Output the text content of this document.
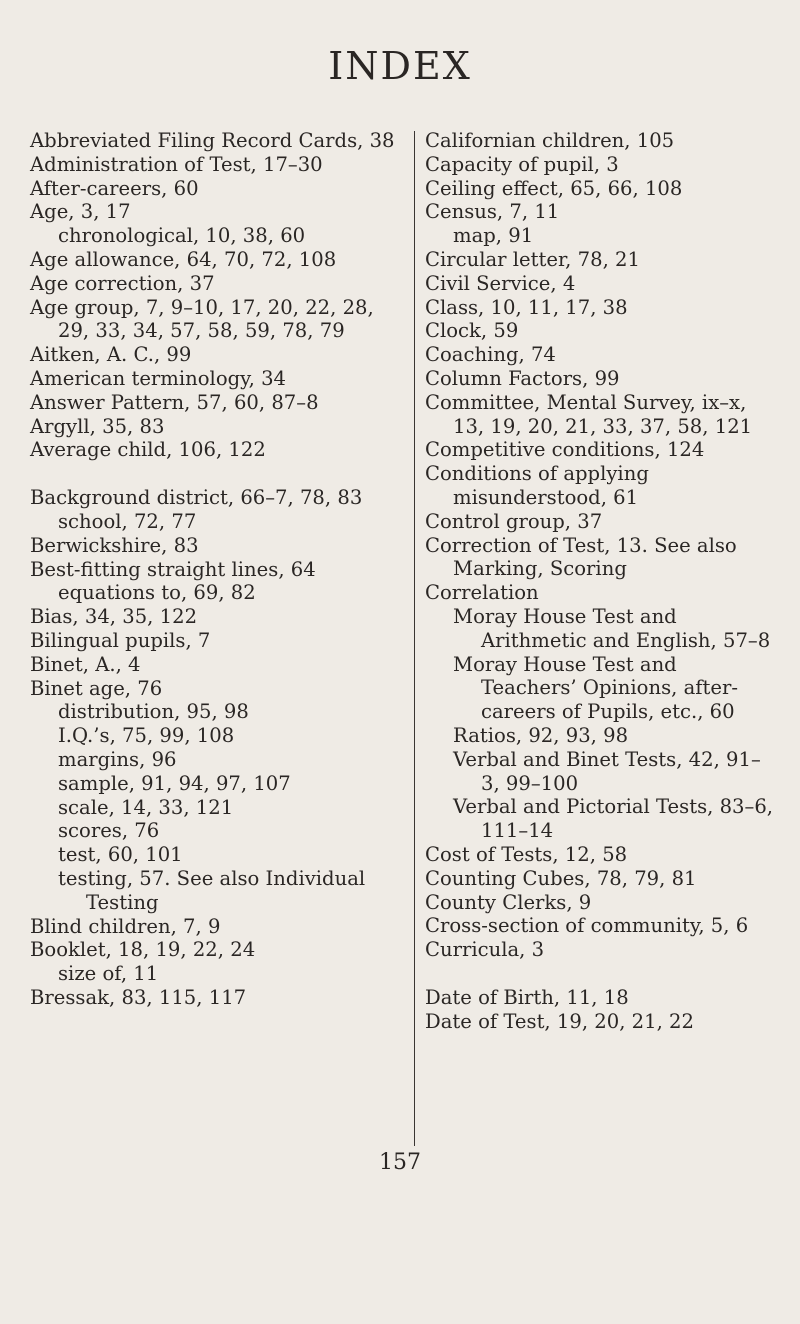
INDEX
Abbreviated Filing Record Cards, 38
Administration of Test, 17–30
After-careers, 60
Age, 3, 17
chronological, 10, 38, 60
Age allowance, 64, 70, 72, 108
Age correction, 37
Age group, 7, 9–10, 17, 20, 22, 28, 29, 33, 34, 57, 58, 59, 78, 79
Aitken, A. C., 99
American terminology, 34
Answer Pattern, 57, 60, 87–8
Argyll, 35, 83
Average child, 106, 122
Background district, 66–7, 78, 83
school, 72, 77
Berwickshire, 83
Best-fitting straight lines, 64
equations to, 69, 82
Bias, 34, 35, 122
Bilingual pupils, 7
Binet, A., 4
Binet age, 76
distribution, 95, 98
I.Q.’s, 75, 99, 108
margins, 96
sample, 91, 94, 97, 107
scale, 14, 33, 121
scores, 76
test, 60, 101
testing, 57. See also Individual Testing
Blind children, 7, 9
Booklet, 18, 19, 22, 24
size of, 11
Bressak, 83, 115, 117
Californian children, 105
Capacity of pupil, 3
Ceiling effect, 65, 66, 108
Census, 7, 11
map, 91
Circular letter, 78, 21
Civil Service, 4
Class, 10, 11, 17, 38
Clock, 59
Coaching, 74
Column Factors, 99
Committee, Mental Survey, ix–x, 13, 19, 20, 21, 33, 37, 58, 121
Competitive conditions, 124
Conditions of applying misunderstood, 61
Control group, 37
Correction of Test, 13. See also Marking, Scoring
Correlation
Moray House Test and Arithmetic and English, 57–8
Moray House Test and Teachers’ Opinions, after-careers of Pupils, etc., 60
Ratios, 92, 93, 98
Verbal and Binet Tests, 42, 91–3, 99–100
Verbal and Pictorial Tests, 83–6, 111–14
Cost of Tests, 12, 58
Counting Cubes, 78, 79, 81
County Clerks, 9
Cross-section of community, 5, 6
Curricula, 3
Date of Birth, 11, 18
Date of Test, 19, 20, 21, 22
157
